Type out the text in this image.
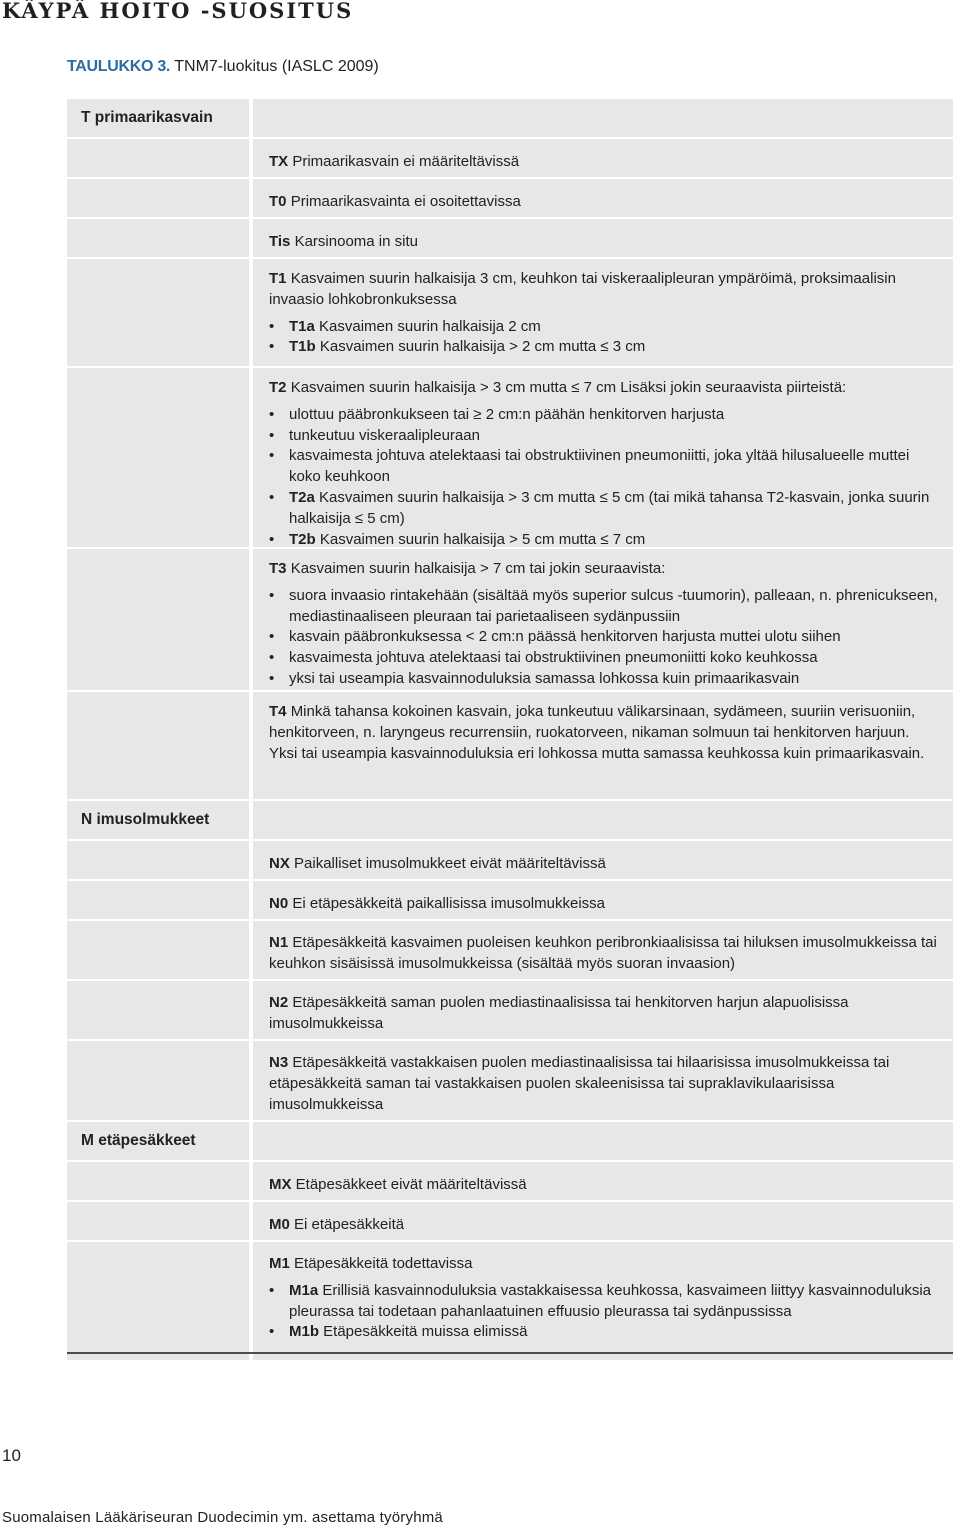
KÄYPÄ HOITO -SUOSITUS
TAULUKKO 3. TNM7-luokitus (IASLC 2009)
T primaarikasvain

TX Primaarikasvain ei määriteltävissä

T0 Primaarikasvainta ei osoitettavissa

Tis Karsinooma in situ

T1 Kasvaimen suurin halkaisija 3 cm, keuhkon tai viskeraalipleuran ympäröimä, proksimaalisin invaasio lohkobronkuksessa

• T1a Kasvaimen suurin halkaisija 2 cm
• T1b Kasvaimen suurin halkaisija > 2 cm mutta ≤ 3 cm

T2 Kasvaimen suurin halkaisija > 3 cm mutta ≤ 7 cm Lisäksi jokin seuraavista piirteistä:

• ulottuu pääbronkukseen tai ≥ 2 cm:n päähän henkitorven harjusta
• tunkeutuu viskeraalipleuraan
• kasvaimesta johtuva atelektaasi tai obstruktiivinen pneumoniitti, joka yltää hilusalueelle muttei koko keuhkoon
• T2a Kasvaimen suurin halkaisija > 3 cm mutta ≤ 5 cm (tai mikä tahansa T2-kasvain, jonka suurin halkaisija ≤ 5 cm)
• T2b Kasvaimen suurin halkaisija > 5 cm mutta ≤ 7 cm

T3 Kasvaimen suurin halkaisija > 7 cm tai jokin seuraavista:

• suora invaasio rintakehään (sisältää myös superior sulcus -tuumorin), palleaan, n. phrenicukseen, mediastinaaliseen pleuraan tai parietaaliseen sydänpussiin
• kasvain pääbronkuksessa < 2 cm:n päässä henkitorven harjusta muttei ulotu siihen
• kasvaimesta johtuva atelektaasi tai obstruktiivinen pneumoniitti koko keuhkossa
• yksi tai useampia kasvainnoduluksia samassa lohkossa kuin primaarikasvain

T4 Minkä tahansa kokoinen kasvain, joka tunkeutuu välikarsinaan, sydämeen, suuriin verisuoniin, henkitorveen, n. laryngeus recurrensiin, ruokatorveen, nikaman solmuun tai henkitorven harjuun. Yksi tai useampia kasvainnoduluksia eri lohkossa mutta samassa keuhkossa kuin primaarikasvain.

N imusolmukkeet

NX Paikalliset imusolmukkeet eivät määriteltävissä

N0 Ei etäpesäkkeitä paikallisissa imusolmukkeissa

N1 Etäpesäkkeitä kasvaimen puoleisen keuhkon peribronkiaalisissa tai hiluksen imusolmukkeissa tai keuhkon sisäisissä imusolmukkeissa (sisältää myös suoran invaasion)

N2 Etäpesäkkeitä saman puolen mediastinaalisissa tai henkitorven harjun alapuolisissa imusolmukkeissa

N3 Etäpesäkkeitä vastakkaisen puolen mediastinaalisissa tai hilaarisissa imusolmukkeissa tai etäpesäkkeitä saman tai vastakkaisen puolen skaleenisissa tai supraklavikulaarisissa imusolmukkeissa

M etäpesäkkeet

MX Etäpesäkkeet eivät määriteltävissä

M0 Ei etäpesäkkeitä

M1 Etäpesäkkeitä todettavissa

• M1a Erillisiä kasvainnoduluksia vastakkaisessa keuhkossa, kasvaimeen liittyy kasvainnoduluksia pleurassa tai todetaan pahanlaatuinen effuusio pleurassa tai sydänpussissa
• M1b Etäpesäkkeitä muissa elimissä
10
Suomalaisen Lääkäriseuran Duodecimin ym. asettama työryhmä
